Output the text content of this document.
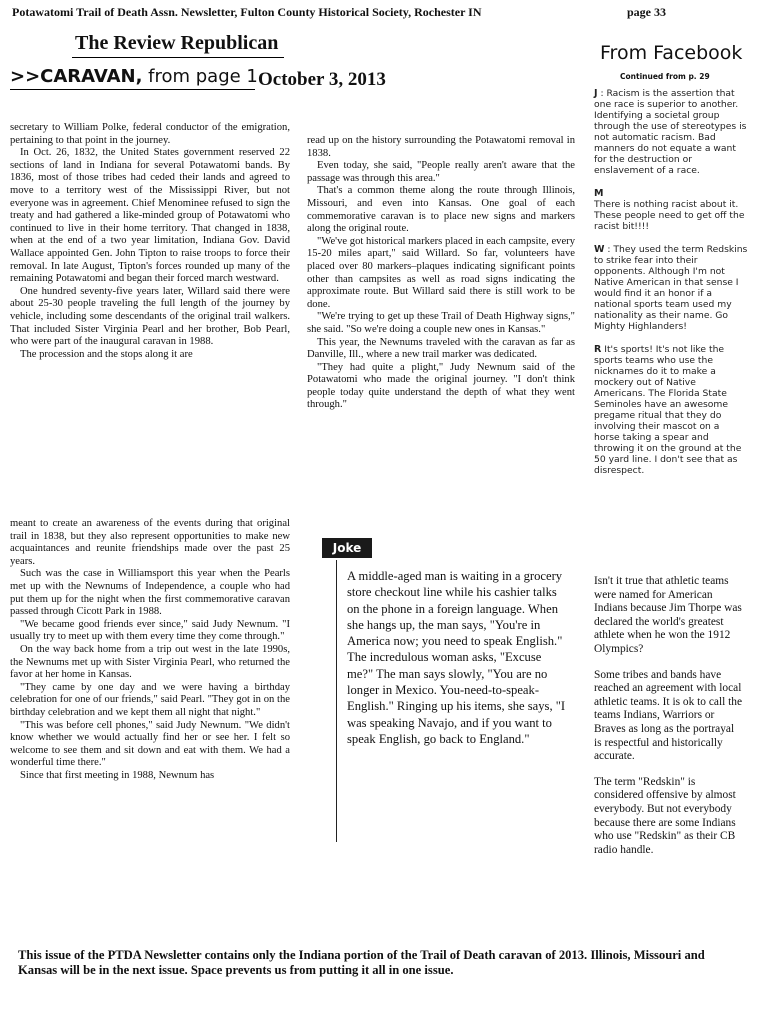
Potawatomi Trail of Death Assn. Newsletter, Fulton County Historical Society, Rochester IN	page 33
The Review Republican
>>CARAVAN, from page 1 October 3, 2013

secretary to William Polke, federal conductor of the emigration, pertaining to that point in the journey.

In Oct. 26, 1832, the United States government reserved 22 sections of land in Indiana for several Potawatomi bands. By 1836, most of those tribes had ceded their lands and agreed to move to a territory west of the Mississippi River, but not everyone was in agreement. Chief Menominee refused to sign the treaty and had gathered a like-minded group of Potawatomi who continued to live in their home territory. That changed in 1838, when at the end of a two year limitation, Indiana Gov. David Wallace appointed Gen. John Tipton to raise troops to force their removal. In late August, Tipton's forces rounded up many of the remaining Potawatomi and began their forced march westward.

One hundred seventy-five years later, Willard said there were about 25-30 people traveling the full length of the journey by vehicle, including some descendants of the original trail walkers. That included Sister Virginia Pearl and her brother, Bob Pearl, who were part of the inaugural caravan in 1988.

The procession and the stops along it are

read up on the history surrounding the Potawatomi removal in 1838.

Even today, she said, "People really aren't aware that the passage was through this area."

That's a common theme along the route through Illinois, Missouri, and even into Kansas. One goal of each commemorative caravan is to place new signs and markers along the original route.

"We've got historical markers placed in each campsite, every 15-20 miles apart," said Willard. So far, volunteers have placed over 80 markers–plaques indicating significant points other than campsites as well as road signs indicating the approximate route. But Willard said there is still work to be done.

"We're trying to get up these Trail of Death Highway signs," she said. "So we're doing a couple new ones in Kansas."

This year, the Newnums traveled with the caravan as far as Danville, Ill., where a new trail marker was dedicated.

"They had quite a plight," Judy Newnum said of the Potawatomi who made the original journey. "I don't think people today quite understand the depth of what they went through."

meant to create an awareness of the events during that original trail in 1838, but they also represent opportunities to make new acquaintances and reunite friendships made over the past 25 years.

Such was the case in Williamsport this year when the Pearls met up with the Newnums of Independence, a couple who had put them up for the night when the first commemorative caravan passed through Cicott Park in 1988.

"We became good friends ever since," said Judy Newnum. "I usually try to meet up with them every time they come through."

On the way back home from a trip out west in the late 1990s, the Newnums met up with Sister Virginia Pearl, who returned the favor at her home in Kansas.

"They came by one day and we were having a birthday celebration for one of our friends," said Pearl. "They got in on the birthday celebration and we kept them all night that night."

"This was before cell phones," said Judy Newnum. "We didn't know whether we would actually find her or see her. I felt so welcome to see them and sit down and eat with them. We had a wonderful time there."

Since that first meeting in 1988, Newnum has

Joke
A middle-aged man is waiting in a grocery store checkout line while his cashier talks on the phone in a foreign language. When she hangs up, the man says, "You're in America now; you need to speak English." The incredulous woman asks, "Excuse me?" The man says slowly, "You are no longer in Mexico. You-need-to-speak-English." Ringing up his items, she says, "I was speaking Navajo, and if you want to speak English, go back to England."
From Facebook
Continued from p. 29

J : Racism is the assertion that one race is superior to another. Identifying a societal group through the use of stereotypes is not automatic racism. Bad manners do not equate a want for the destruction or enslavement of a race.

M
There is nothing racist about it. These people need to get off the racist bit!!!!

W : They used the term Redskins to strike fear into their opponents. Although I'm not Native American in that sense I would find it an honor if a national sports team used my nationality as their name. Go Mighty Highlanders!

R It's sports! It's not like the sports teams who use the nicknames do it to make a mockery out of Native Americans. The Florida State Seminoles have an awesome pregame ritual that they do involving their mascot on a horse taking a spear and throwing it on the ground at the 50 yard line. I don't see that as disrespect.

Isn't it true that athletic teams were named for American Indians because Jim Thorpe was declared the world's greatest athlete when he won the 1912 Olympics?

Some tribes and bands have reached an agreement with local athletic teams. It is ok to call the teams Indians, Warriors or Braves as long as the portrayal is respectful and historically accurate.

The term "Redskin" is considered offensive by almost everybody. But not everybody because there are some Indians who use "Redskin" as their CB radio handle.

This issue of the PTDA Newsletter contains only the Indiana portion of the Trail of Death caravan of 2013. Illinois, Missouri and Kansas will be in the next issue. Space prevents us from putting it all in one issue.
